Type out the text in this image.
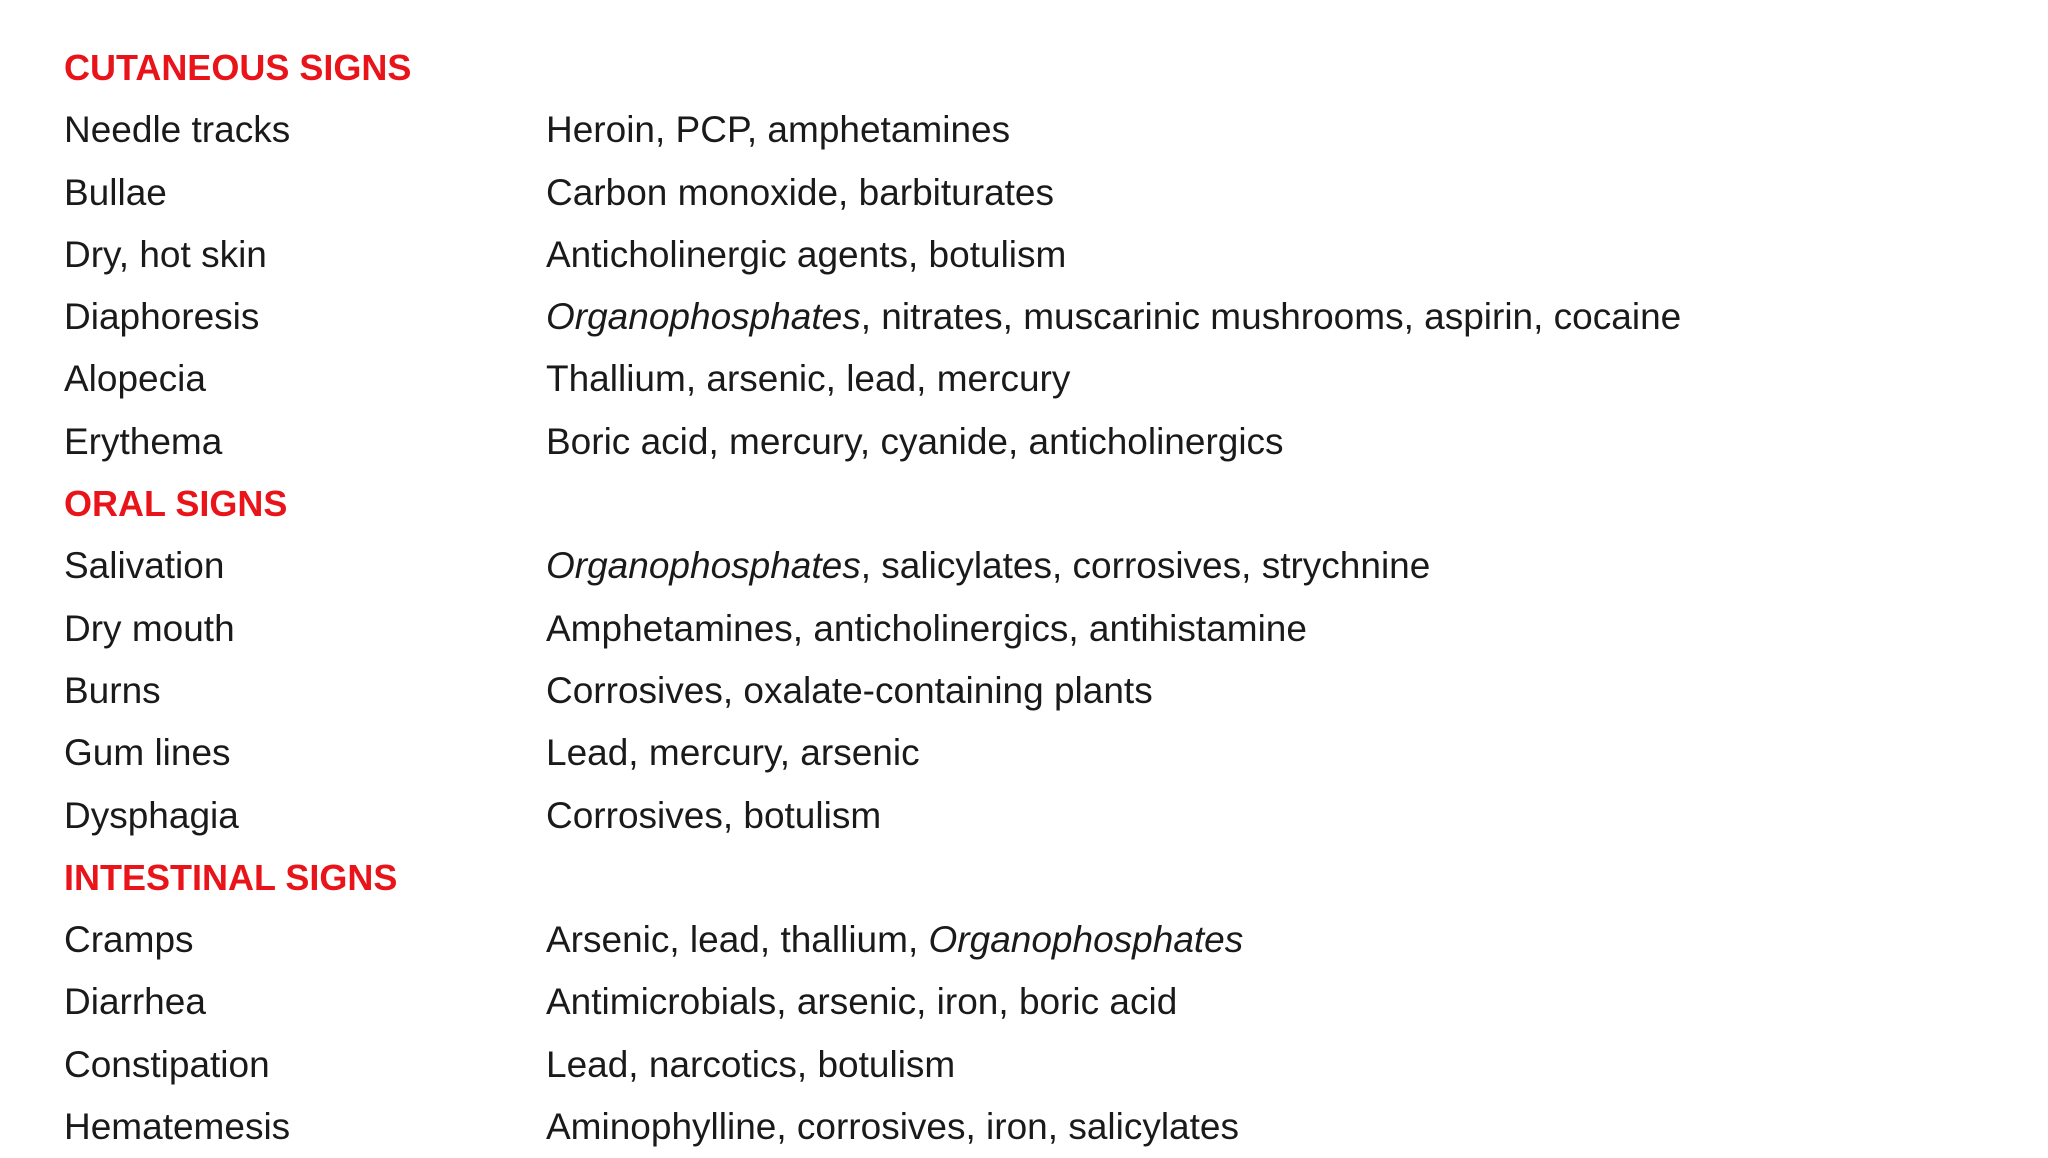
CUTANEOUS SIGNS
Needle tracks	Heroin, PCP, amphetamines
Bullae	Carbon monoxide, barbiturates
Dry, hot skin	Anticholinergic agents, botulism
Diaphoresis	Organophosphates, nitrates, muscarinic mushrooms, aspirin, cocaine
Alopecia	Thallium, arsenic, lead, mercury
Erythema	Boric acid, mercury, cyanide, anticholinergics
ORAL SIGNS
Salivation	Organophosphates, salicylates, corrosives, strychnine
Dry mouth	Amphetamines, anticholinergics, antihistamine
Burns	Corrosives, oxalate-containing plants
Gum lines	Lead, mercury, arsenic
Dysphagia	Corrosives, botulism
INTESTINAL SIGNS
Cramps	Arsenic, lead, thallium, Organophosphates
Diarrhea	Antimicrobials, arsenic, iron, boric acid
Constipation	Lead, narcotics, botulism
Hematemesis	Aminophylline, corrosives, iron, salicylates
